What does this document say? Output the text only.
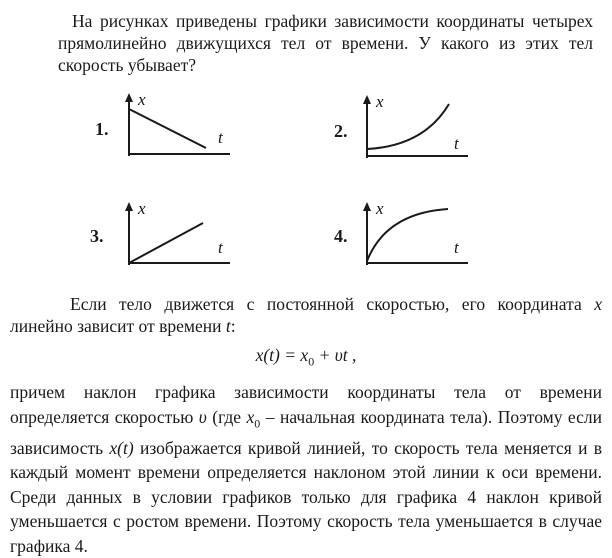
На рисунках приведены графики зависимости координаты четырех прямолинейно движущихся тел от времени. У какого из этих тел скорость убывает?

1.
x
t	2.
x
t
3.
x
t
4.
x
t

Если тело движется с постоянной скоростью, его координата x линейно зависит от времени t:

$x(t) = x_0 + \upsilon t$ ,

причем наклон графика зависимости координаты тела от времени определяется скоростью υ (где $x_0$ – начальная координата тела). Поэтому если зависимость x(t) изображается кривой линией, то скорость тела меняется и в каждый момент времени определяется наклоном этой линии к оси времени. Среди данных в условии графиков только для графика 4 наклон кривой уменьшается с ростом времени. Поэтому скорость тела уменьшается в случае графика 4.
